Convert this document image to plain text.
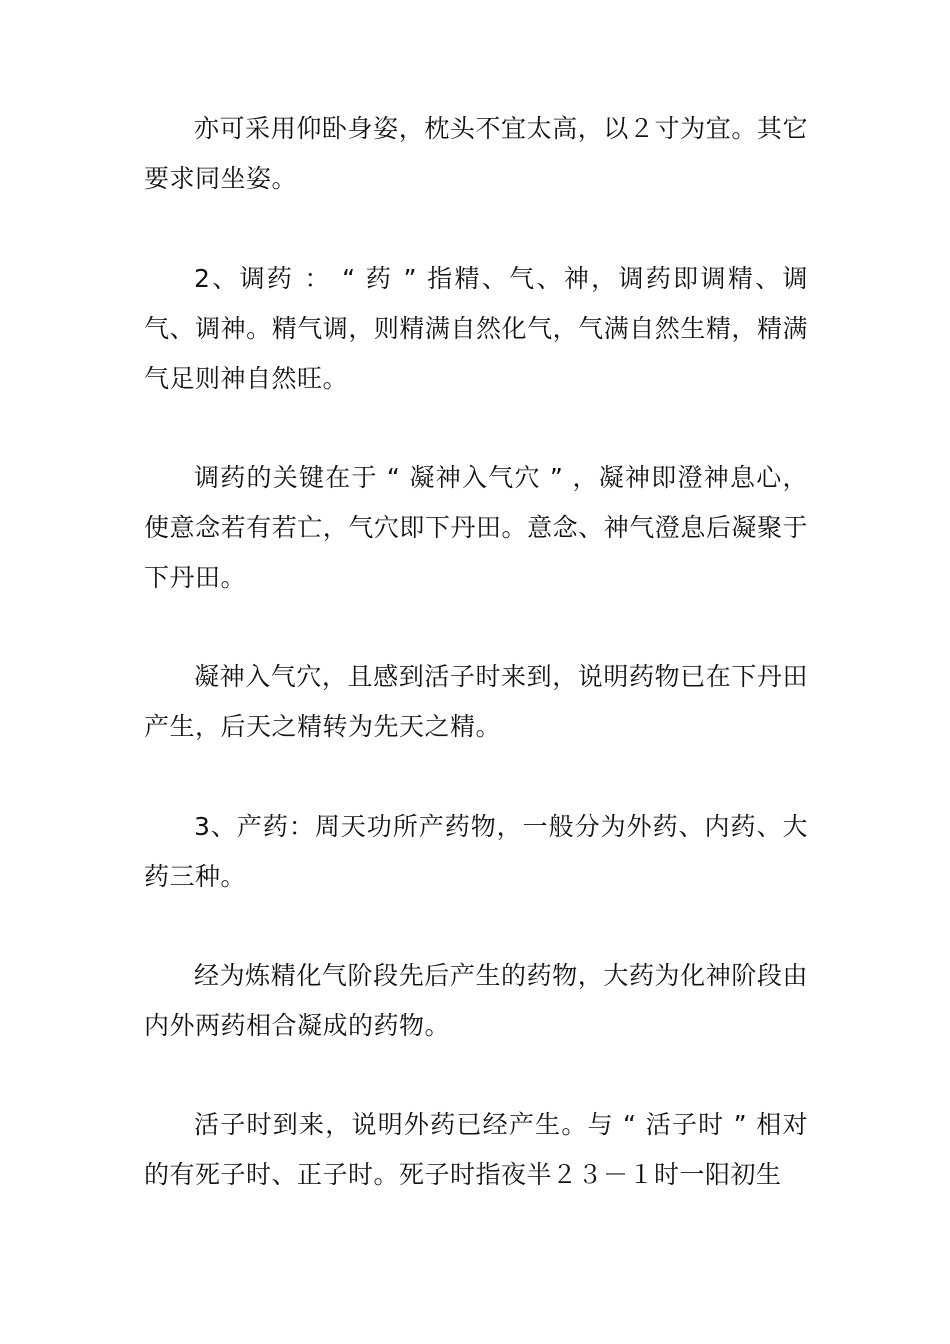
亦可采用仰卧身姿，枕头不宜太高，以２寸为宜。其它要求同坐姿。

2、调药 ： “ 药 ” 指精、气、神，调药即调精、调气、调神。精气调，则精满自然化气，气满自然生精，精满气足则神自然旺。

调药的关键在于 “ 凝神入气穴 ” ，凝神即澄神息心，使意念若有若亡，气穴即下丹田。意念、神气澄息后凝聚于下丹田。

凝神入气穴，且感到活子时来到，说明药物已在下丹田产生，后天之精转为先天之精。

3、产药：周天功所产药物，一般分为外药、内药、大药三种。

经为炼精化气阶段先后产生的药物，大药为化神阶段由内外两药相合凝成的药物。

活子时到来，说明外药已经产生。与 “ 活子时 ” 相对的有死子时、正子时。死子时指夜半２３－１时一阳初生
